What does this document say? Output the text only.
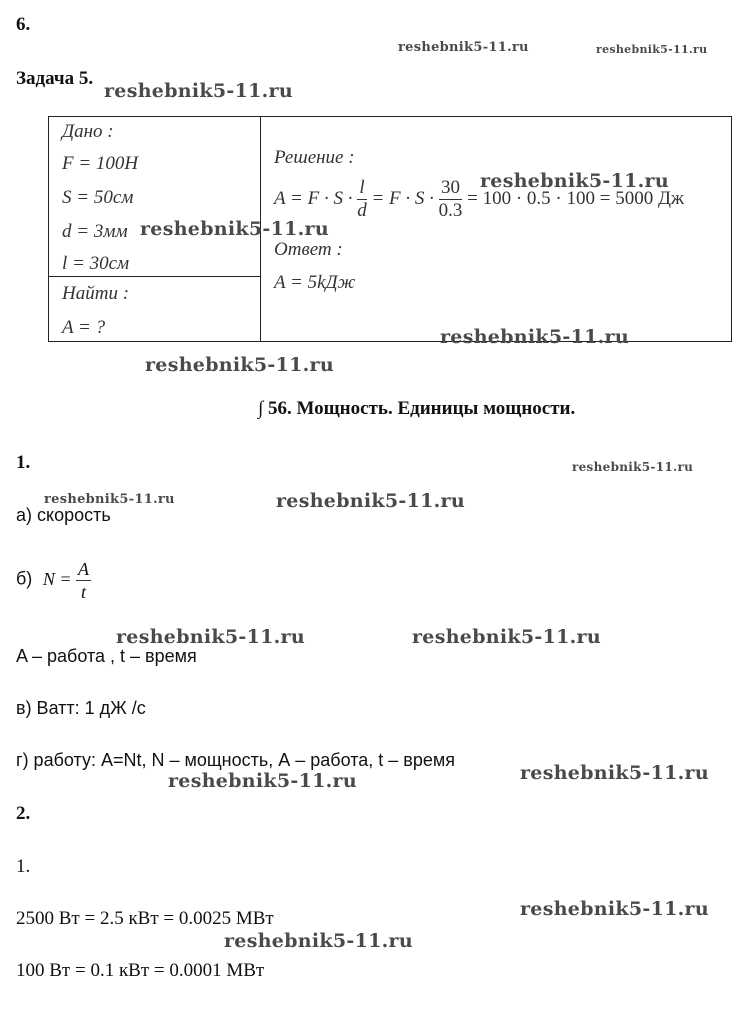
6.
Задача 5.
Дано :
F = 100H
S = 50см
d = 3мм
l = 30см
Найти :
A = ?
Решение :
$A = F \cdot S \cdot \frac{l}{d} = F \cdot S \cdot \frac{30}{0.3} = 100 \cdot 0.5 \cdot 100 = 5000$ Дж
Ответ :
A = 5kДж
∫ 56. Мощность. Единицы мощности.
1.
а) скорость
б) $N = \frac{A}{t}$
A – работа , t – время
в) Ватт: 1 дЖ /с
г) работу: A=Nt, N – мощность, А – работа, t – время
2.
1.
2500 Вт = 2.5 кВт = 0.0025 МВт
100 Вт = 0.1 кВт = 0.0001 МВт
reshebnik5-11.ru	reshebnik5-11.ru
reshebnik5-11.ru
reshebnik5-11.ru
reshebnik5-11.ru
reshebnik5-11.ru
reshebnik5-11.ru
reshebnik5-11.ru
reshebnik5-11.ru	reshebnik5-11.ru
reshebnik5-11.ru	reshebnik5-11.ru
reshebnik5-11.ru
reshebnik5-11.ru
reshebnik5-11.ru
reshebnik5-11.ru
